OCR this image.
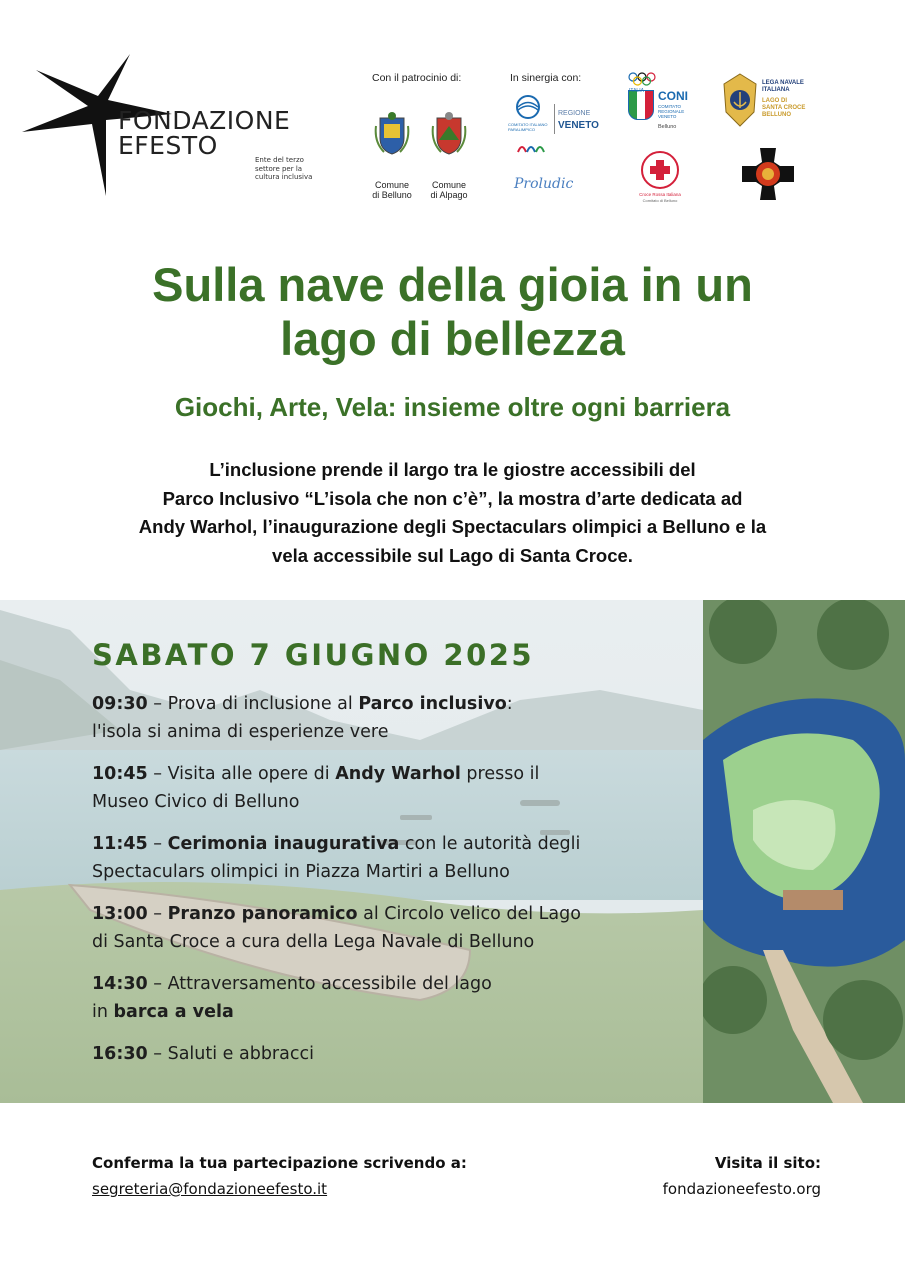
FONDAZIONE
EFESTO	Ente del terzo settore per la cultura inclusiva
Con il patrocinio di:	In sinergia con:
Comune
di Belluno
Comune
di Alpago
COMITATO ITALIANO PARALIMPICO
REGIONE
VENETO
Proludic
ITALIA CONI
COMITATO REGIONALE VENETO
Belluno
Croce Rossa Italiana
Comitato di Belluno
LEGA NAVALE
ITALIANA
LAGO DI
SANTA CROCE
BELLUNO
Sulla nave della gioia in un
lago di bellezza
Giochi, Arte, Vela: insieme oltre ogni barriera
L’inclusione prende il largo tra le giostre accessibili del
Parco Inclusivo “L’isola che non c’è”, la mostra d’arte dedicata ad
Andy Warhol, l’inaugurazione degli Spectaculars olimpici a Belluno e la
vela accessibile sul Lago di Santa Croce.
SABATO 7 GIUGNO 2025
09:30 – Prova di inclusione al Parco inclusivo:
l'isola si anima di esperienze vere
10:45 – Visita alle opere di Andy Warhol presso il
Museo Civico di Belluno
11:45 – Cerimonia inaugurativa con le autorità degli
Spectaculars olimpici in Piazza Martiri a Belluno
13:00 – Pranzo panoramico al Circolo velico del Lago
di Santa Croce a cura della Lega Navale di Belluno
14:30 – Attraversamento accessibile del lago
in barca a vela
16:30 – Saluti e abbracci
Conferma la tua partecipazione scrivendo a:
segreteria@fondazioneefesto.it
Visita il sito:
fondazioneefesto.org
